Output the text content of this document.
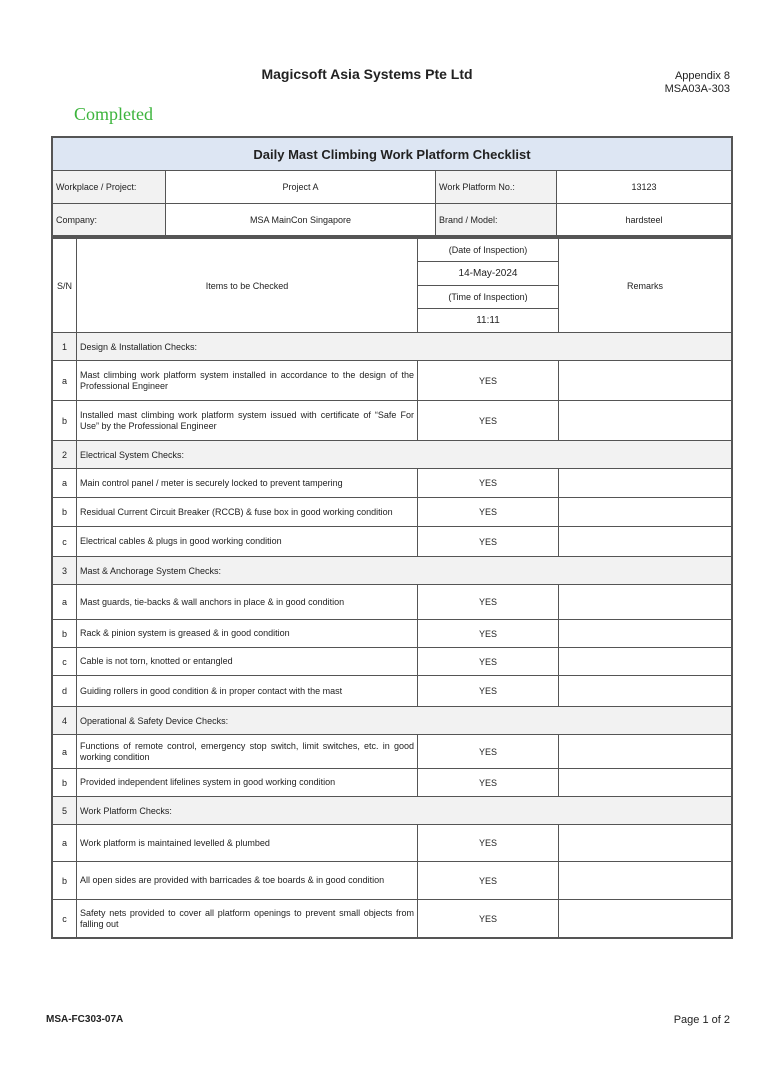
Magicsoft Asia Systems Pte Ltd	Appendix 8
MSA03A-303
Completed
Daily Mast Climbing Work Platform Checklist			
Workplace / Project:	Project A	Work Platform No.:	13123
Company:	MSA MainCon Singapore	Brand / Model:	hardsteel
S/N	Items to be Checked	(Date of Inspection)	Remarks
		14-May-2024	
		(Time of Inspection)	
		11:11	
1	Design & Installation Checks:		
a	Mast climbing work platform system installed in accordance to the design of the Professional Engineer	YES	
b	Installed mast climbing work platform system issued with certificate of “Safe For Use” by the Professional Engineer	YES	
2	Electrical System Checks:		
a	Main control panel / meter is securely locked to prevent tampering	YES	
b	Residual Current Circuit Breaker (RCCB) & fuse box in good working condition	YES	
c	Electrical cables & plugs in good working condition	YES	
3	Mast & Anchorage System Checks:		
a	Mast guards, tie-backs & wall anchors in place & in good condition	YES	
b	Rack & pinion system is greased & in good condition	YES	
c	Cable is not torn, knotted or entangled	YES	
d	Guiding rollers in good condition & in proper contact with the mast	YES	
4	Operational & Safety Device Checks:		
a	Functions of remote control, emergency stop switch, limit switches, etc. in good working condition	YES	
b	Provided independent lifelines system in good working condition	YES	
5	Work Platform Checks:		
a	Work platform is maintained levelled & plumbed	YES	
b	All open sides are provided with barricades & toe boards & in good condition	YES	
c	Safety nets provided to cover all platform openings to prevent small objects from falling out	YES	
MSA-FC303-07A	Page 1 of 2
